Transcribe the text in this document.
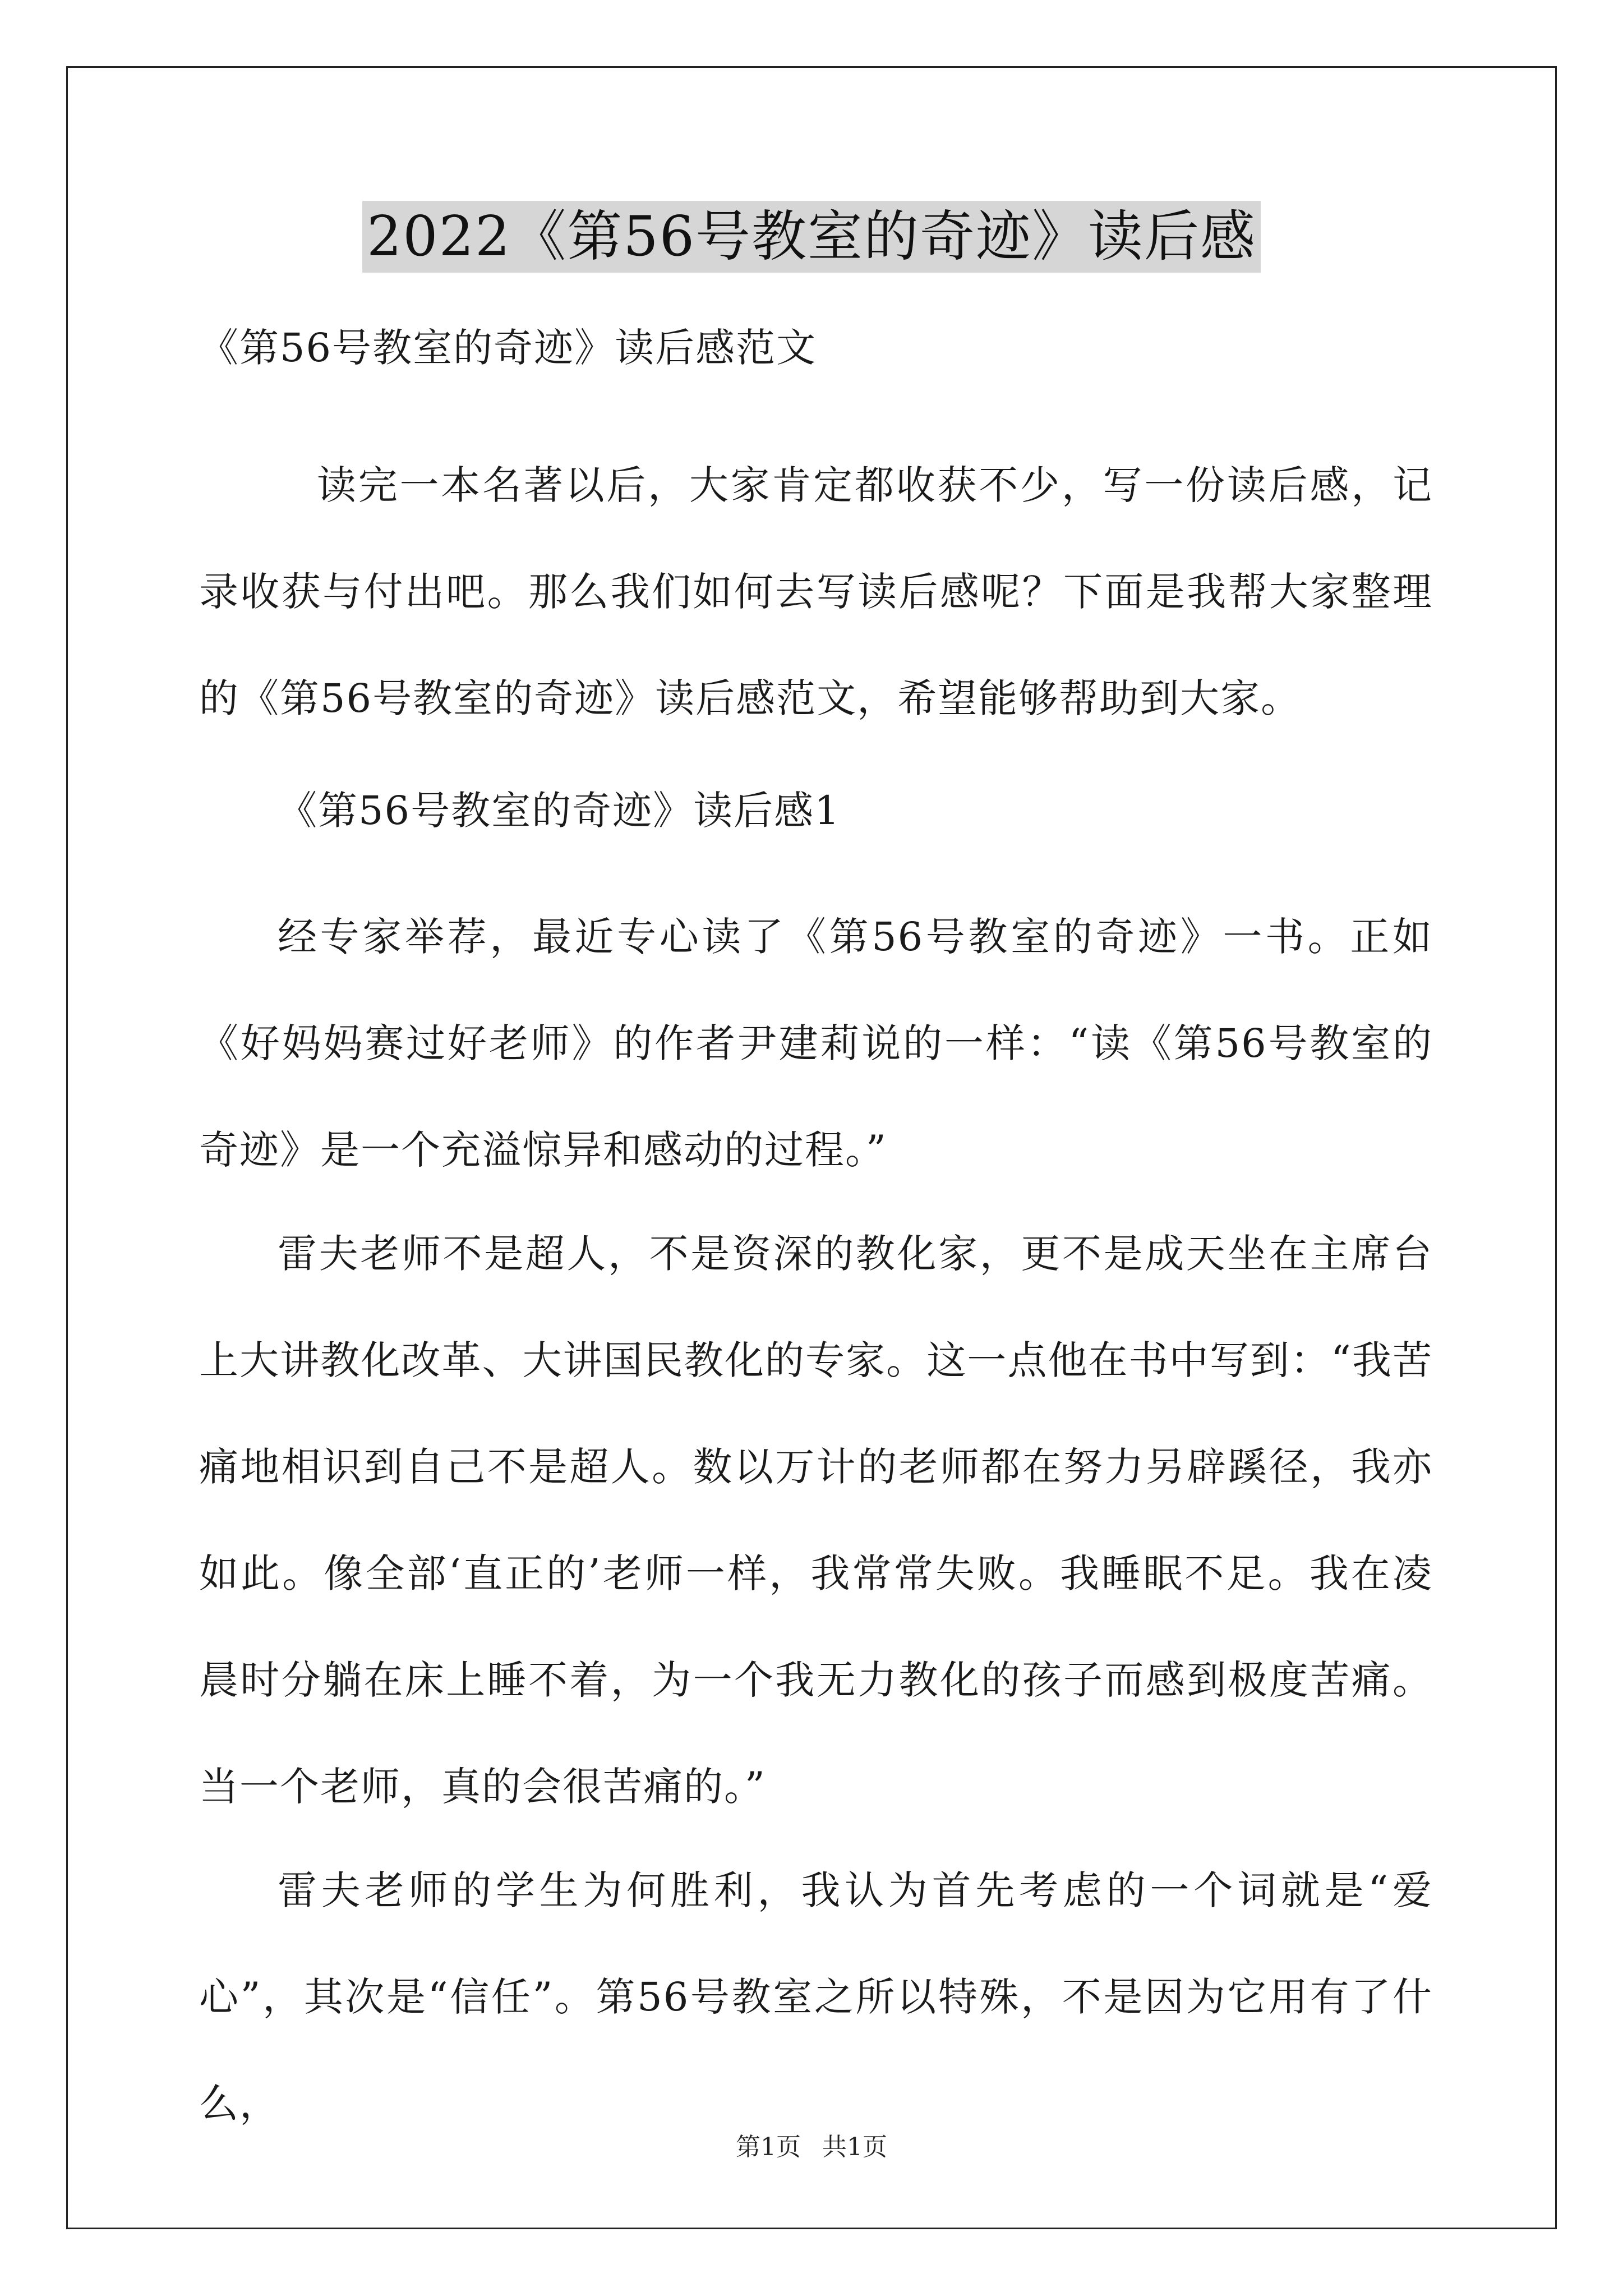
2022《第56号教室的奇迹》读后感
《第56号教室的奇迹》读后感范文
读完一本名著以后，大家肯定都收获不少，写一份读后感，记录收获与付出吧。那么我们如何去写读后感呢？下面是我帮大家整理的《第56号教室的奇迹》读后感范文，希望能够帮助到大家。
《第56号教室的奇迹》读后感1
经专家举荐，最近专心读了《第56号教室的奇迹》一书。正如《好妈妈赛过好老师》的作者尹建莉说的一样：“读《第56号教室的奇迹》是一个充溢惊异和感动的过程。”
雷夫老师不是超人，不是资深的教化家，更不是成天坐在主席台上大讲教化改革、大讲国民教化的专家。这一点他在书中写到：“我苦痛地相识到自己不是超人。数以万计的老师都在努力另辟蹊径，我亦如此。像全部‘直正的’老师一样，我常常失败。我睡眠不足。我在凌晨时分躺在床上睡不着，为一个我无力教化的孩子而感到极度苦痛。当一个老师，真的会很苦痛的。”
雷夫老师的学生为何胜利，我认为首先考虑的一个词就是“爱心”，其次是“信任”。第56号教室之所以特殊，不是因为它用有了什么，
第1页 共1页
